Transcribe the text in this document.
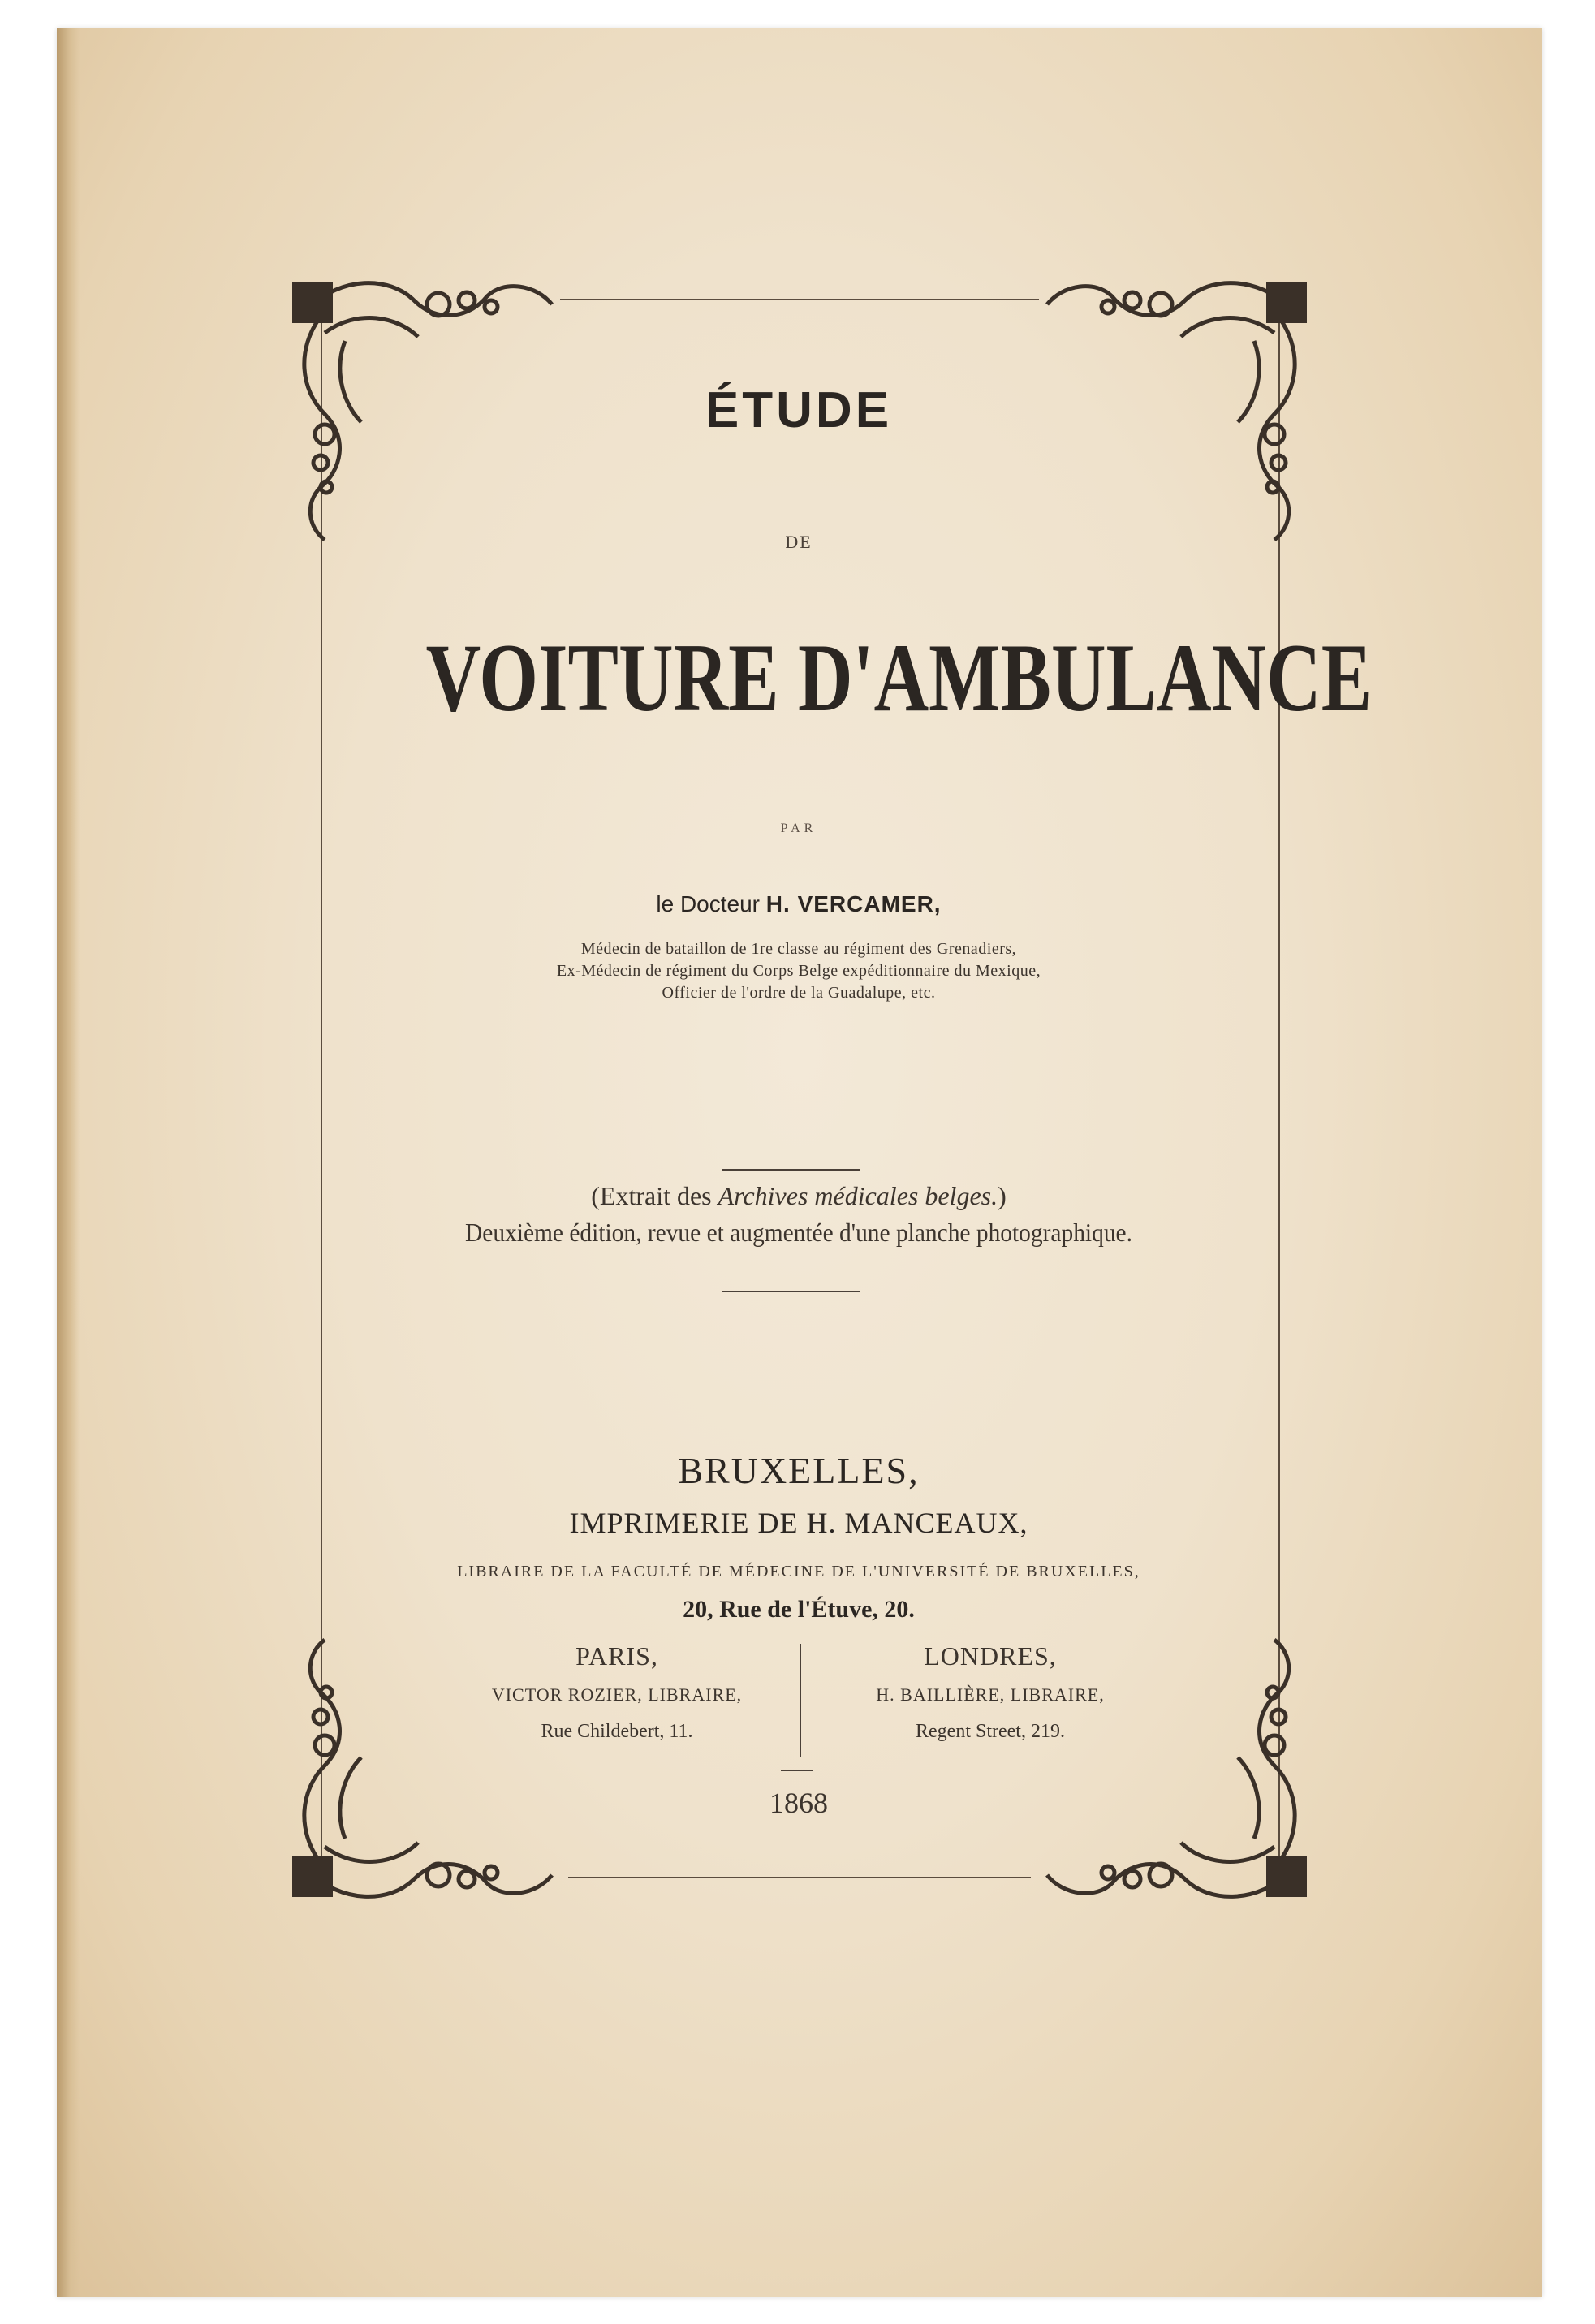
ÉTUDE
DE
VOITURE D'AMBULANCE
PAR
le Docteur H. VERCAMER,
Médecin de bataillon de 1re classe au régiment des Grenadiers,
Ex-Médecin de régiment du Corps Belge expéditionnaire du Mexique,
Officier de l'ordre de la Guadalupe, etc.
(Extrait des Archives médicales belges.)
Deuxième édition, revue et augmentée d'une planche photographique.
BRUXELLES,
IMPRIMERIE DE H. MANCEAUX,
LIBRAIRE DE LA FACULTÉ DE MÉDECINE DE L'UNIVERSITÉ DE BRUXELLES,
20, Rue de l'Étuve, 20.
PARIS,
VICTOR ROZIER, LIBRAIRE,
Rue Childebert, 11.
LONDRES,
H. BAILLIÈRE, LIBRAIRE,
Regent Street, 219.
1868
